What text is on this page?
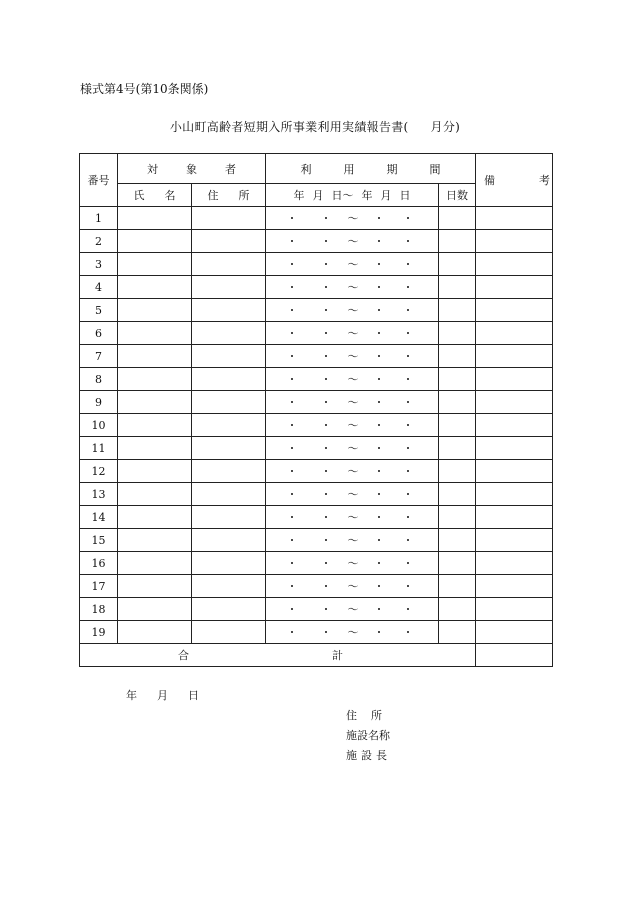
様式第4号(第10条関係)
小山町高齢者短期入所事業利用実績報告書( 月分)
番号	対 象 者		利 用 期 間		備 考
	氏 名	住 所	年 月 日〜 年 月 日	日数	
1			・ ・ 〜 ・ ・		

2			・ ・ 〜 ・ ・		

3			・ ・ 〜 ・ ・		

4			・ ・ 〜 ・ ・		

5			・ ・ 〜 ・ ・		

6			・ ・ 〜 ・ ・		

7			・ ・ 〜 ・ ・		

8			・ ・ 〜 ・ ・		

9			・ ・ 〜 ・ ・		

10			・ ・ 〜 ・ ・		

11			・ ・ 〜 ・ ・		

12			・ ・ 〜 ・ ・		

13			・ ・ 〜 ・ ・		

14			・ ・ 〜 ・ ・		

15			・ ・ 〜 ・ ・		

16			・ ・ 〜 ・ ・		

17			・ ・ 〜 ・ ・		

18			・ ・ 〜 ・ ・		

19			・ ・ 〜 ・ ・		

合 計					

年 月 日
住 所
施設名称
施 設 長
